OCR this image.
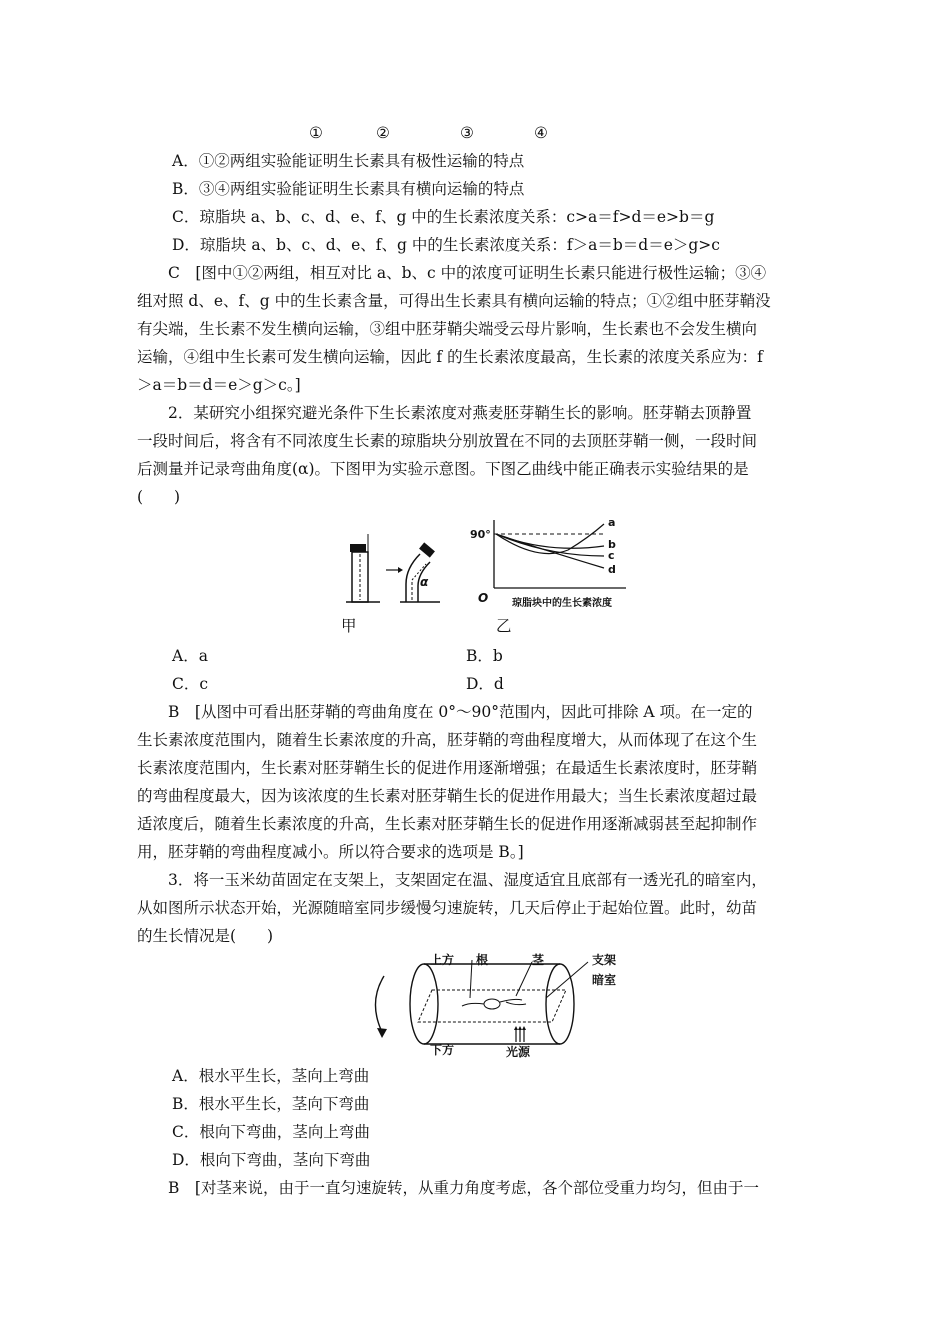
①	②	③	④
A．①②两组实验能证明生长素具有极性运输的特点
B．③④两组实验能证明生长素具有横向运输的特点
C．琼脂块 a、b、c、d、e、f、g 中的生长素浓度关系：c>a＝f>d＝e>b＝g
D．琼脂块 a、b、c、d、e、f、g 中的生长素浓度关系：f＞a＝b＝d＝e＞g>c
C　[图中①②两组，相互对比 a、b、c 中的浓度可证明生长素只能进行极性运输；③④
组对照 d、e、f、g 中的生长素含量，可得出生长素具有横向运输的特点；①②组中胚芽鞘没
有尖端，生长素不发生横向运输，③组中胚芽鞘尖端受云母片影响，生长素也不会发生横向
运输，④组中生长素可发生横向运输，因此 f 的生长素浓度最高，生长素的浓度关系应为：f
＞a＝b＝d＝e＞g＞c。]
2．某研究小组探究避光条件下生长素浓度对燕麦胚芽鞘生长的影响。胚芽鞘去顶静置
一段时间后，将含有不同浓度生长素的琼脂块分别放置在不同的去顶胚芽鞘一侧，一段时间
后测量并记录弯曲角度(α)。下图甲为实验示意图。下图乙曲线中能正确表示实验结果的是
(　　)
α
甲
90°
O
a
b
c
d
琼脂块中的生长素浓度
乙
A．a	B．b
C．c	D．d
B　[从图中可看出胚芽鞘的弯曲角度在 0°～90°范围内，因此可排除 A 项。在一定的
生长素浓度范围内，随着生长素浓度的升高，胚芽鞘的弯曲程度增大，从而体现了在这个生
长素浓度范围内，生长素对胚芽鞘生长的促进作用逐渐增强；在最适生长素浓度时，胚芽鞘
的弯曲程度最大，因为该浓度的生长素对胚芽鞘生长的促进作用最大；当生长素浓度超过最
适浓度后，随着生长素浓度的升高，生长素对胚芽鞘生长的促进作用逐渐减弱甚至起抑制作
用，胚芽鞘的弯曲程度减小。所以符合要求的选项是 B。]
3．将一玉米幼苗固定在支架上，支架固定在温、湿度适宜且底部有一透光孔的暗室内，
从如图所示状态开始，光源随暗室同步缓慢匀速旋转，几天后停止于起始位置。此时，幼苗
的生长情况是(　　)
上方 根	茎	支架
暗室
下方	光源
A．根水平生长，茎向上弯曲
B．根水平生长，茎向下弯曲
C．根向下弯曲，茎向上弯曲
D．根向下弯曲，茎向下弯曲
B　[对茎来说，由于一直匀速旋转，从重力角度考虑，各个部位受重力均匀，但由于一
